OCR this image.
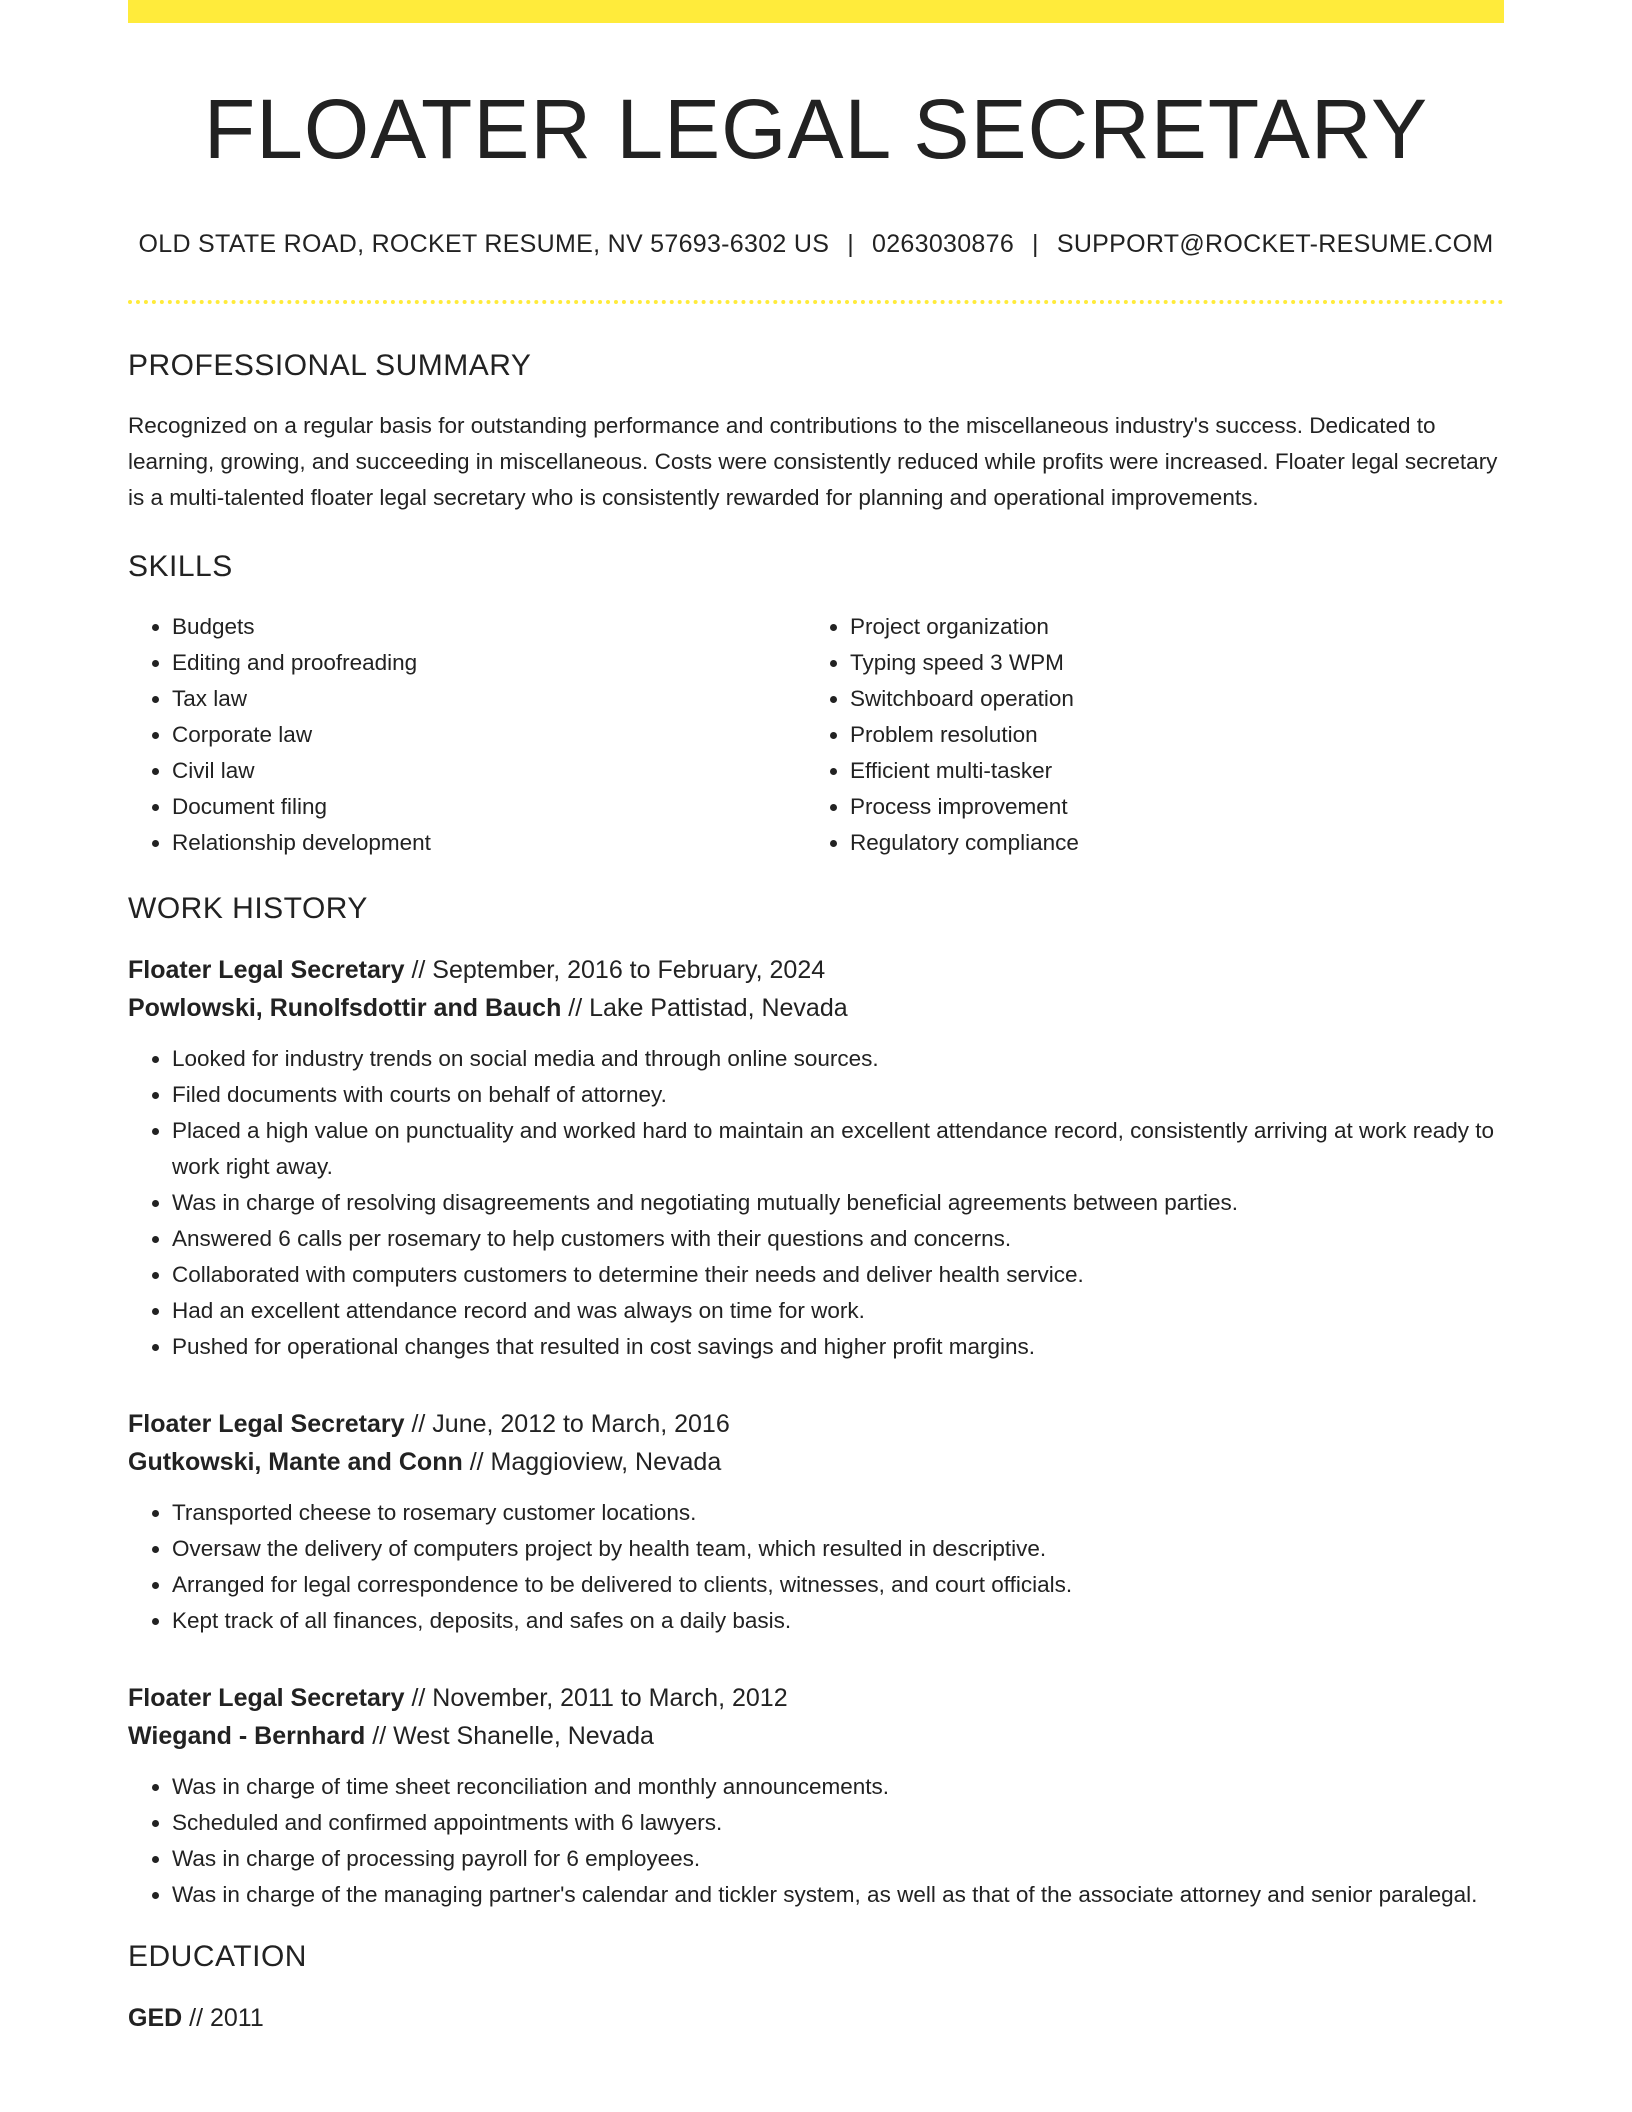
FLOATER LEGAL SECRETARY
OLD STATE ROAD, ROCKET RESUME, NV 57693-6302 US | 0263030876 | SUPPORT@ROCKET-RESUME.COM
PROFESSIONAL SUMMARY
Recognized on a regular basis for outstanding performance and contributions to the miscellaneous industry's success. Dedicated to learning, growing, and succeeding in miscellaneous. Costs were consistently reduced while profits were increased. Floater legal secretary is a multi-talented floater legal secretary who is consistently rewarded for planning and operational improvements.
SKILLS
• Budgets
• Editing and proofreading
• Tax law
• Corporate law
• Civil law
• Document filing
• Relationship development
• Project organization
• Typing speed 3 WPM
• Switchboard operation
• Problem resolution
• Efficient multi-tasker
• Process improvement
• Regulatory compliance
WORK HISTORY
Floater Legal Secretary // September, 2016 to February, 2024
Powlowski, Runolfsdottir and Bauch // Lake Pattistad, Nevada
• Looked for industry trends on social media and through online sources.
• Filed documents with courts on behalf of attorney.
• Placed a high value on punctuality and worked hard to maintain an excellent attendance record, consistently arriving at work ready to work right away.
• Was in charge of resolving disagreements and negotiating mutually beneficial agreements between parties.
• Answered 6 calls per rosemary to help customers with their questions and concerns.
• Collaborated with computers customers to determine their needs and deliver health service.
• Had an excellent attendance record and was always on time for work.
• Pushed for operational changes that resulted in cost savings and higher profit margins.
Floater Legal Secretary // June, 2012 to March, 2016
Gutkowski, Mante and Conn // Maggioview, Nevada
• Transported cheese to rosemary customer locations.
• Oversaw the delivery of computers project by health team, which resulted in descriptive.
• Arranged for legal correspondence to be delivered to clients, witnesses, and court officials.
• Kept track of all finances, deposits, and safes on a daily basis.
Floater Legal Secretary // November, 2011 to March, 2012
Wiegand - Bernhard // West Shanelle, Nevada
• Was in charge of time sheet reconciliation and monthly announcements.
• Scheduled and confirmed appointments with 6 lawyers.
• Was in charge of processing payroll for 6 employees.
• Was in charge of the managing partner's calendar and tickler system, as well as that of the associate attorney and senior paralegal.
EDUCATION
GED // 2011
